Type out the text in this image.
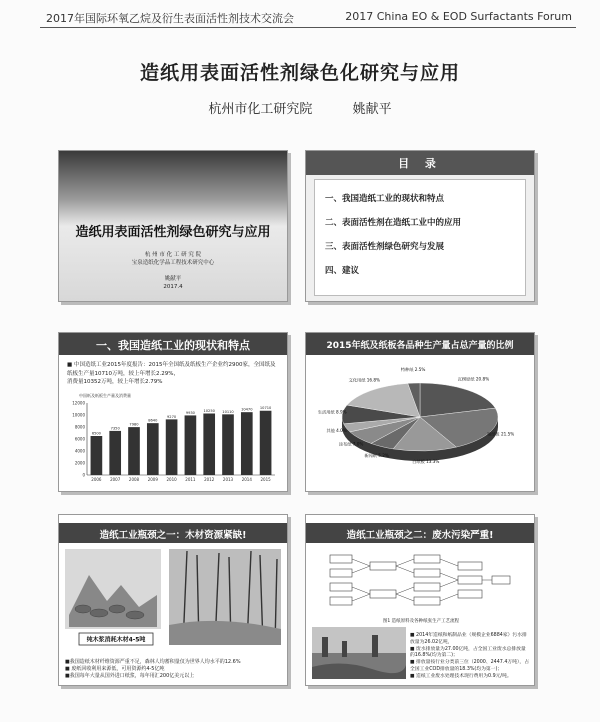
2017年国际环氧乙烷及衍生表面活性剂技术交流会	2017 China EO & EOD Surfactants Forum
造纸用表面活性剂绿色化研究与应用
杭州市化工研究院	姚献平
造纸用表面活性剂绿色研究与应用
杭 州 市 化 工 研 究 院
宝泉造纸化学品工程技术研究中心
姚献平
2017.4
目 录
一、我国造纸工业的现状和特点
二、表面活性剂在造纸工业中的应用
三、表面活性剂绿色研究与发展
四、建议
一、我国造纸工业的现状和特点
■ 中国造纸工业2015年度报告：2015年全国纸及纸板生产企业约2900家，全国纸及纸板生产量10710万吨，较上年增长2.29%，
消费量10352万吨，较上年增长2.79%
中国纸及纸板生产量及消费量
12000
10000
8000
6000
4000
2000
0
6500
2006
7350
2007
7980
2008
8640
2009
9270
2010
9930
2011
10250
2012
10110
2013
10470
2014
10710
2015
2015年纸及纸板各品种生产量占总产量的比例
瓦楞原纸 20.8%
箱纸板 21.5%
白纸板 13.3%
新闻纸 5.2%
涂布纸 7.0%
其他 4.0%
生活用纸 8.9%
文化用纸 16.8%
特种纸 2.5%
造纸工业瓶颈之一：木材资源紧缺!
纯木浆消耗木材4-5吨
■我国造纸木材纤维资源严重不足，森林人均蓄积量仅为世界人均水平的12.6%
■ 废纸回收利用来源低，可用资源约4-5亿吨
■我国每年大量从国外进口纸浆，每年用汇200亿美元以上
造纸工业瓶颈之二：废水污染严重!
图1 造纸原料及各种纸张生产工艺流程
■ 2014年造纸和纸制品业（规模企业6884家）污水排放量为26.02亿吨，
■ 废水排放量为27.00亿吨，占全国工业废水总排放量的16.8%(均为第二)；
■ 排放量按行业分类前三位（2000、2447.4万吨），占全国工业COD排放量的18.3%(均为第一)；
■ 造纸工业废水处理技术现行费用为0.9元/吨。
